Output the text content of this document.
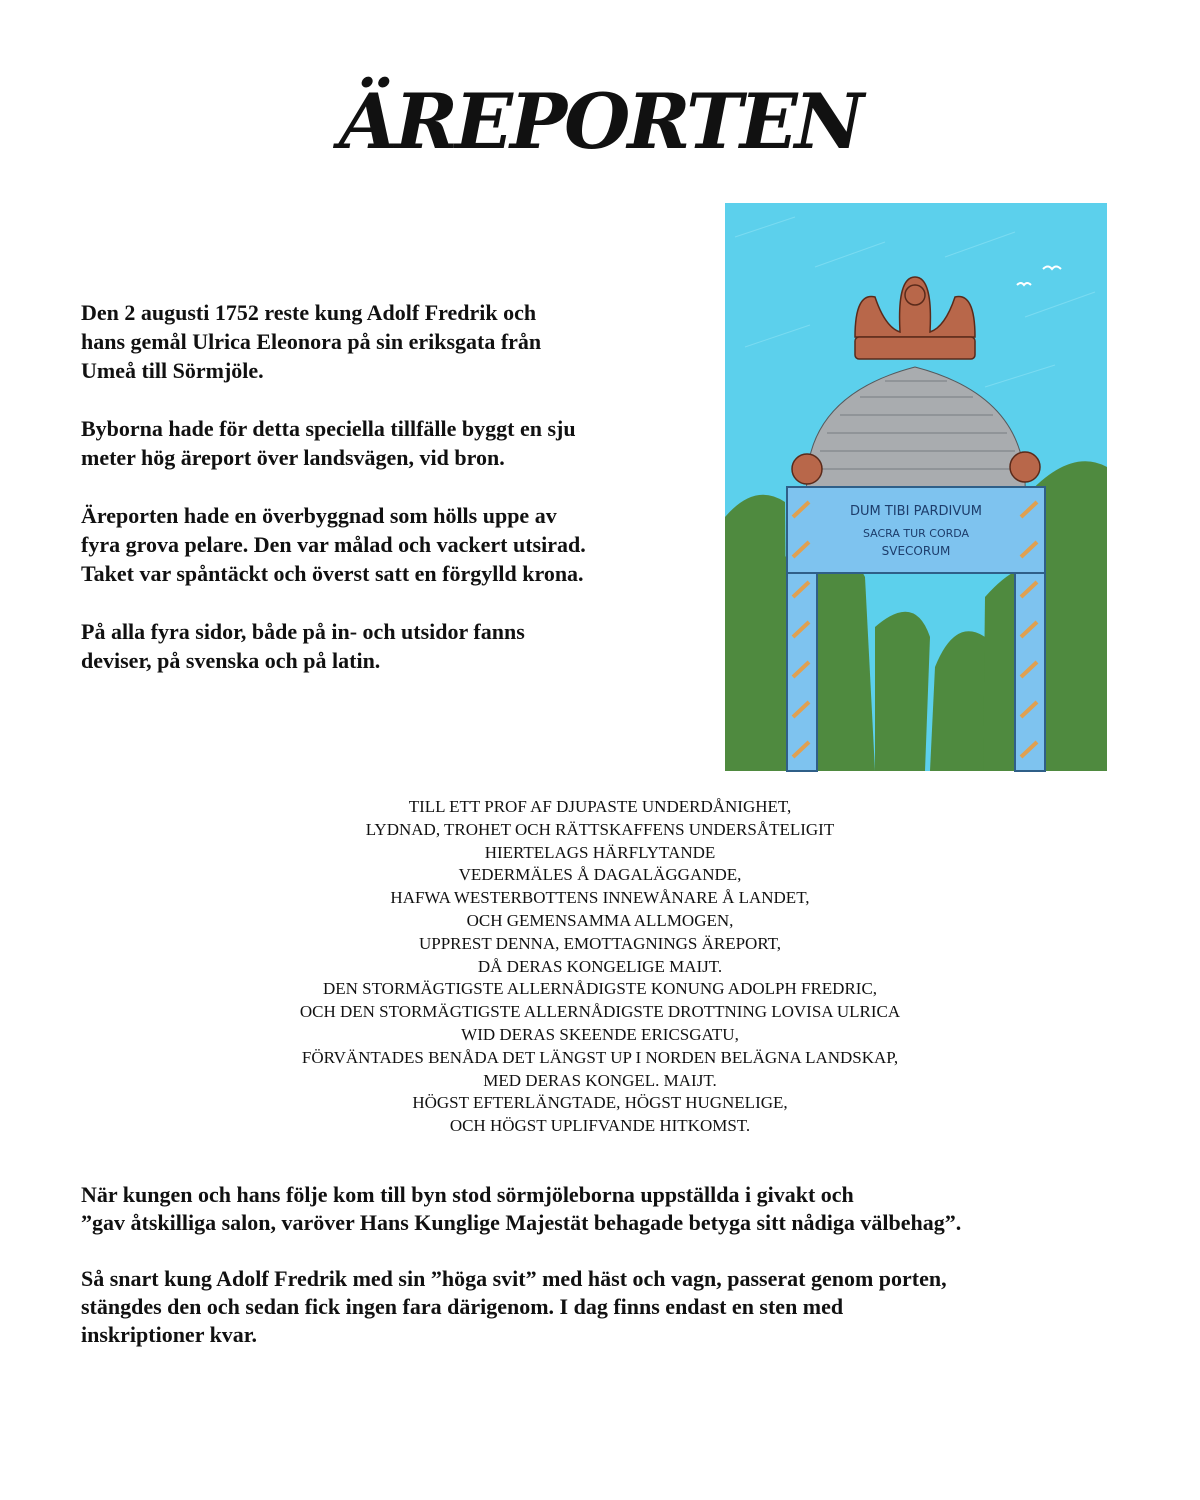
ÄREPORTEN

Den 2 augusti 1752 reste kung Adolf Fredrik och
hans gemål Ulrica Eleonora på sin eriksgata från
Umeå till Sörmjöle.

Byborna hade för detta speciella tillfälle byggt en sju
meter hög äreport över landsvägen, vid bron.

Äreporten hade en överbyggnad som hölls uppe av
fyra grova pelare. Den var målad och vackert utsirad.
Taket var spåntäckt och överst satt en förgylld krona.

På alla fyra sidor, både på in- och utsidor fanns
deviser, på svenska och på latin.

DUM TIBI PARDIVUM
SACRA TUR CORDA
SVECORUM
TILL ETT PROF AF DJUPASTE UNDERDÅNIGHET,
LYDNAD, TROHET OCH RÄTTSKAFFENS UNDERSÅTELIGIT
HIERTELAGS HÄRFLYTANDE
VEDERMÄLES Å DAGALÄGGANDE,
HAFWA WESTERBOTTENS INNEWÅNARE Å LANDET,
OCH GEMENSAMMA ALLMOGEN,
UPPREST DENNA, EMOTTAGNINGS ÄREPORT,
DÅ DERAS KONGELIGE MAIJT.
DEN STORMÄGTIGSTE ALLERNÅDIGSTE KONUNG ADOLPH FREDRIC,
OCH DEN STORMÄGTIGSTE ALLERNÅDIGSTE DROTTNING LOVISA ULRICA
WID DERAS SKEENDE ERICSGATU,
FÖRVÄNTADES BENÅDA DET LÄNGST UP I NORDEN BELÄGNA LANDSKAP,
MED DERAS KONGEL. MAIJT.
HÖGST EFTERLÄNGTADE, HÖGST HUGNELIGE,
OCH HÖGST UPLIFVANDE HITKOMST.

När kungen och hans följe kom till byn stod sörmjöleborna uppställda i givakt och
”gav åtskilliga salon, varöver Hans Kunglige Majestät behagade betyga sitt nådiga välbehag”.

Så snart kung Adolf Fredrik med sin ”höga svit” med häst och vagn, passerat genom porten,
stängdes den och sedan fick ingen fara därigenom. I dag finns endast en sten med
inskriptioner kvar.
